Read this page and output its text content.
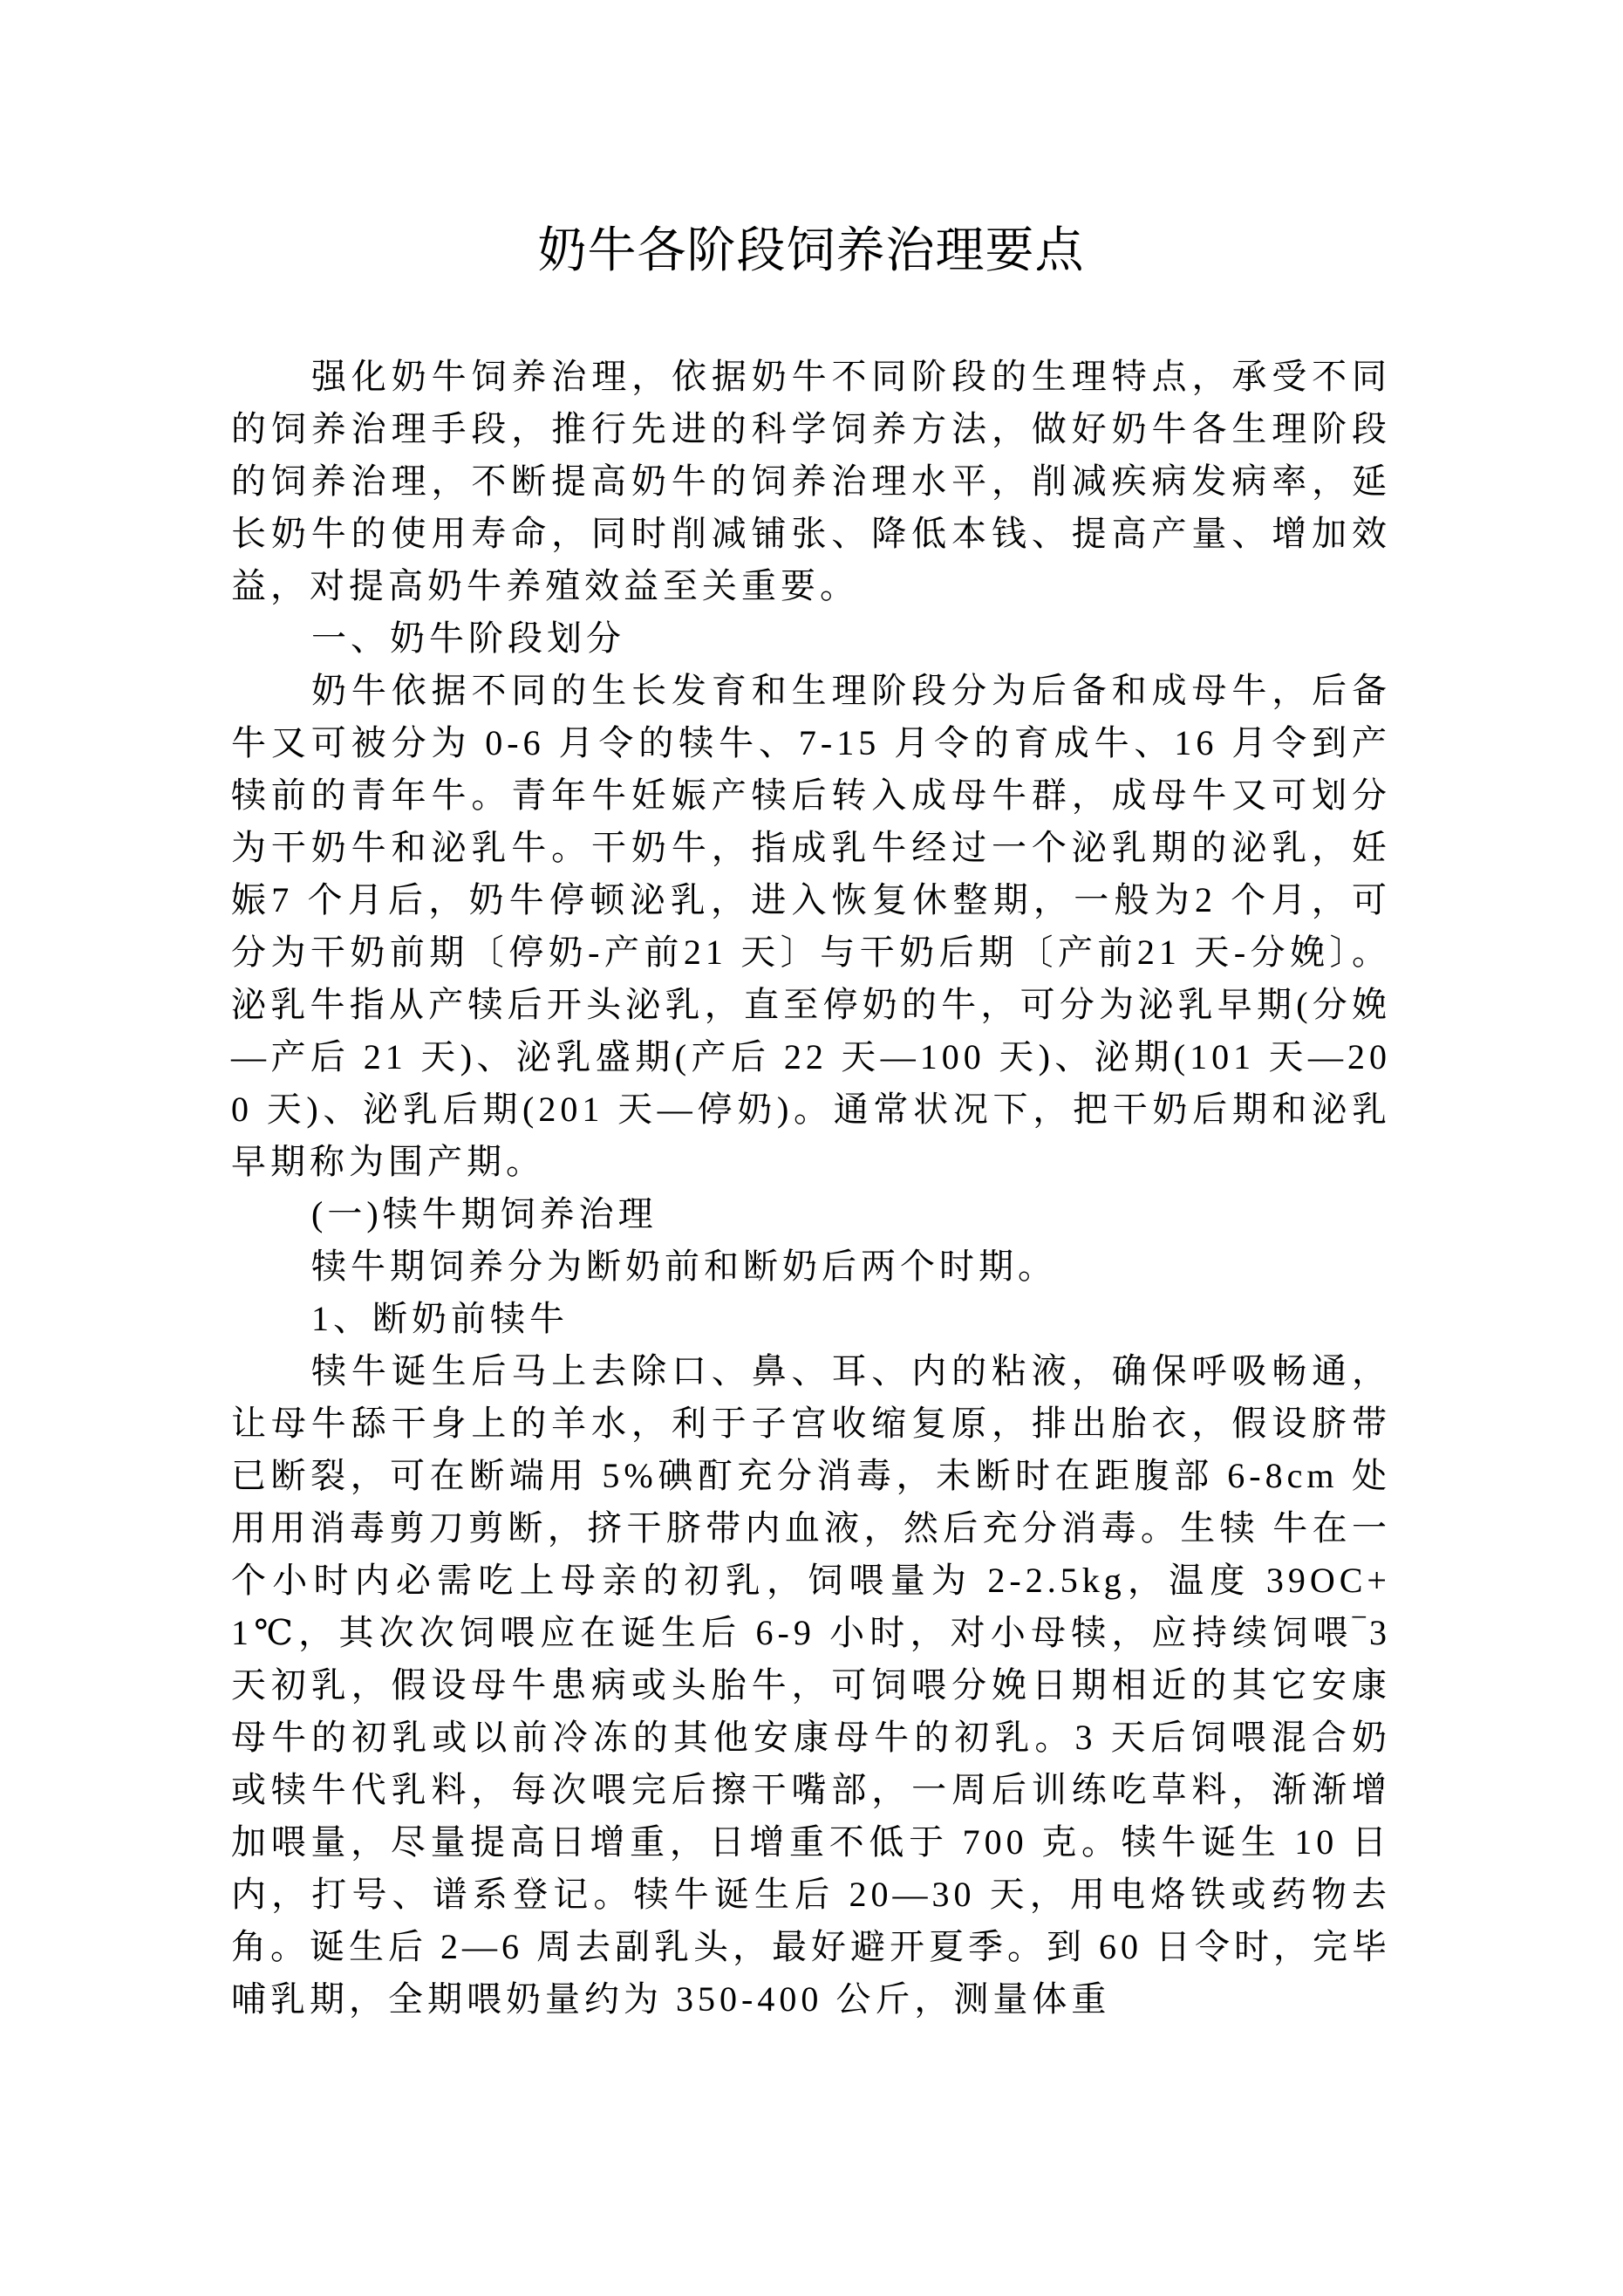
奶牛各阶段饲养治理要点

强化奶牛饲养治理，依据奶牛不同阶段的生理特点，承受不同的饲养治理手段，推行先进的科学饲养方法，做好奶牛各生理阶段的饲养治理，不断提高奶牛的饲养治理水平，削减疾病发病率，延长奶牛的使用寿命，同时削减铺张、降低本钱、提高产量、增加效益，对提高奶牛养殖效益至关重要。

一、奶牛阶段划分

奶牛依据不同的生长发育和生理阶段分为后备和成母牛，后备牛又可被分为 0-6 月令的犊牛、7-15 月令的育成牛、16 月令到产犊前的青年牛。青年牛妊娠产犊后转入成母牛群，成母牛又可划分为干奶牛和泌乳牛。干奶牛，指成乳牛经过一个泌乳期的泌乳，妊娠7 个月后，奶牛停顿泌乳，进入恢复休整期，一般为2 个月，可分为干奶前期〔停奶-产前21 天〕与干奶后期〔产前21 天-分娩〕。泌乳牛指从产犊后开头泌乳，直至停奶的牛，可分为泌乳早期(分娩—产后 21 天)、泌乳盛期(产后 22 天—100 天)、泌期(101 天—200 天)、泌乳后期(201 天—停奶)。通常状况下，把干奶后期和泌乳早期称为围产期。

(一)犊牛期饲养治理

犊牛期饲养分为断奶前和断奶后两个时期。

1、断奶前犊牛

犊牛诞生后马上去除口、鼻、耳、内的粘液，确保呼吸畅通，让母牛舔干身上的羊水，利于子宫收缩复原，排出胎衣，假设脐带已断裂，可在断端用 5%碘酊充分消毒，未断时在距腹部 6-8cm 处用用消毒剪刀剪断，挤干脐带内血液，然后充分消毒。生犊 牛在一个小时内必需吃上母亲的初乳，饲喂量为 2-2.5kg，温度 39OC+1℃，其次次饲喂应在诞生后 6-9 小时，对小母犊，应持续饲喂‾3 天初乳，假设母牛患病或头胎牛，可饲喂分娩日期相近的其它安康母牛的初乳或以前冷冻的其他安康母牛的初乳。3 天后饲喂混合奶或犊牛代乳料，每次喂完后擦干嘴部，一周后训练吃草料，渐渐增加喂量，尽量提高日增重，日增重不低于 700 克。犊牛诞生 10 日内，打号、谱系登记。犊牛诞生后 20—30 天，用电烙铁或药物去角。诞生后 2—6 周去副乳头，最好避开夏季。到 60 日令时，完毕哺乳期，全期喂奶量约为 350-400 公斤，测量体重
